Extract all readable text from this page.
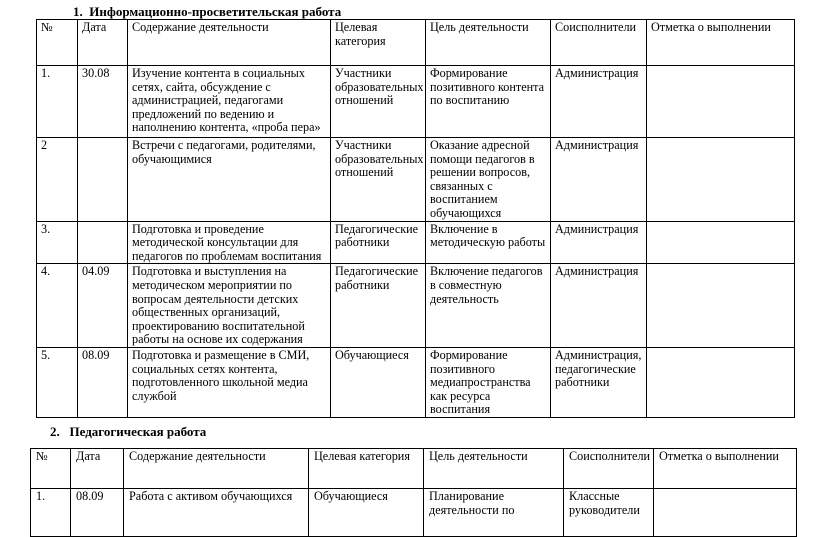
1. Информационно-просветительская работа
№	Дата	Содержание деятельности	Целевая категория	Цель деятельности	Соисполнители	Отметка о выполнении
1.	30.08	Изучение контента в социальных сетях, сайта, обсуждение с администрацией, педагогами предложений по ведению и наполнению контента, «проба пера»	Участники образовательных отношений	Формирование позитивного контента по воспитанию	Администрация	
2		Встречи с педагогами, родителями, обучающимися	Участники образовательных отношений	Оказание адресной помощи педагогов в решении вопросов, связанных с воспитанием обучающихся	Администрация	
3.		Подготовка и проведение методической консультации для педагогов по проблемам воспитания	Педагогические работники	Включение в методическую работы	Администрация	
4.	04.09	Подготовка и выступления на методическом мероприятии по вопросам деятельности детских общественных организаций, проектированию воспитательной работы на основе их содержания	Педагогические работники	Включение педагогов в совместную деятельность	Администрация	
5.	08.09	Подготовка и размещение в СМИ, социальных сетях контента, подготовленного школьной медиа службой	Обучающиеся	Формирование позитивного медиапространства как ресурса воспитания	Администрация, педагогические работники	
2. Педагогическая работа
№	Дата	Содержание деятельности	Целевая категория	Цель деятельности	Соисполнители	Отметка о выполнении
1.	08.09	Работа с активом обучающихся	Обучающиеся	Планирование деятельности по	Классные руководители	
